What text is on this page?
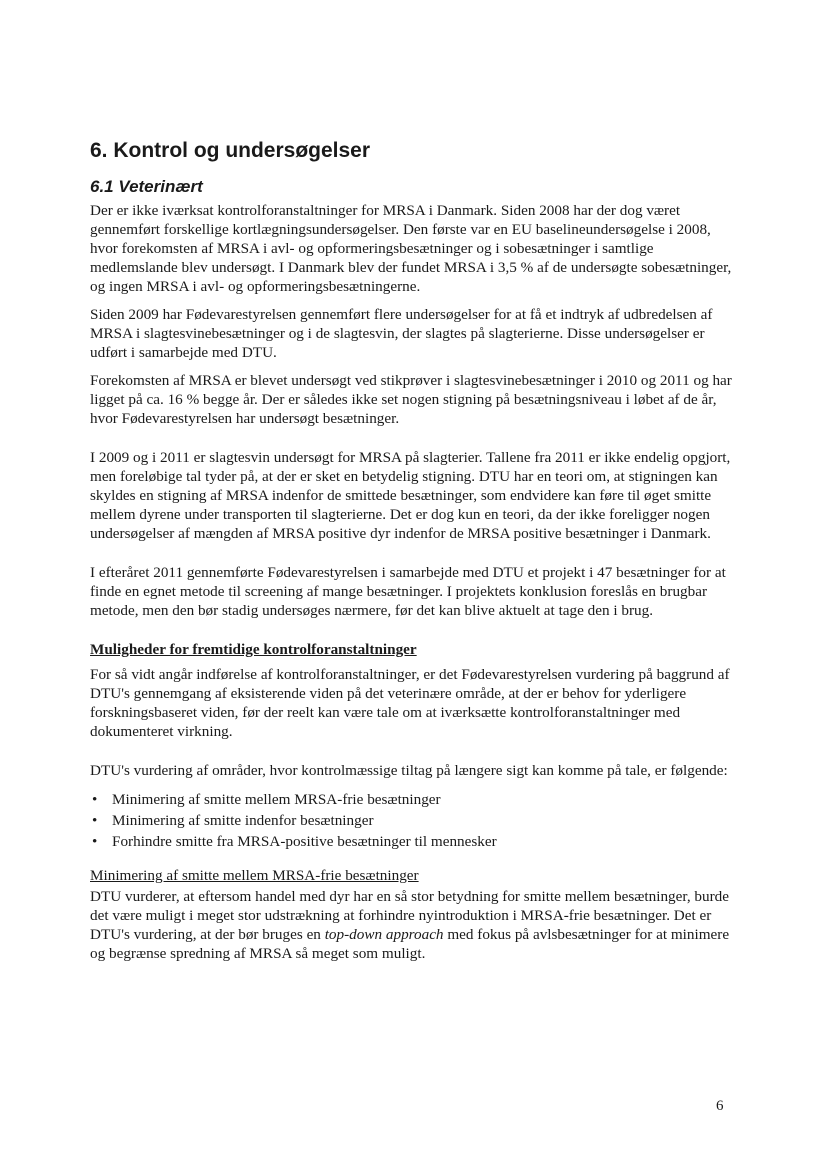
6. Kontrol og undersøgelser
6.1 Veterinært

Der er ikke iværksat kontrolforanstaltninger for MRSA i Danmark. Siden 2008 har der dog været gennemført forskellige kortlægningsundersøgelser. Den første var en EU baselineundersøgelse i 2008, hvor forekomsten af MRSA i avl- og opformeringsbesætninger og i sobesætninger i samtlige medlemslande blev undersøgt. I Danmark blev der fundet MRSA i 3,5 % af de undersøgte sobesætninger, og ingen MRSA i avl- og opformeringsbesætningerne.

Siden 2009 har Fødevarestyrelsen gennemført flere undersøgelser for at få et indtryk af udbredelsen af MRSA i slagtesvinebesætninger og i de slagtesvin, der slagtes på slagterierne. Disse undersøgelser er udført i samarbejde med DTU.

Forekomsten af MRSA er blevet undersøgt ved stikprøver i slagtesvinebesætninger i 2010 og 2011 og har ligget på ca. 16 % begge år. Der er således ikke set nogen stigning på besætningsniveau i løbet af de år, hvor Fødevarestyrelsen har undersøgt besætninger.

I 2009 og i 2011 er slagtesvin undersøgt for MRSA på slagterier. Tallene fra 2011 er ikke endelig opgjort, men foreløbige tal tyder på, at der er sket en betydelig stigning. DTU har en teori om, at stigningen kan skyldes en stigning af MRSA indenfor de smittede besætninger, som endvidere kan føre til øget smitte mellem dyrene under transporten til slagterierne. Det er dog kun en teori, da der ikke foreligger nogen undersøgelser af mængden af MRSA positive dyr indenfor de MRSA positive besætninger i Danmark.

I efteråret 2011 gennemførte Fødevarestyrelsen i samarbejde med DTU et projekt i 47 besætninger for at finde en egnet metode til screening af mange besætninger. I projektets konklusion foreslås en brugbar metode, men den bør stadig undersøges nærmere, før det kan blive aktuelt at tage den i brug.

Muligheder for fremtidige kontrolforanstaltninger

For så vidt angår indførelse af kontrolforanstaltninger, er det Fødevarestyrelsen vurdering på baggrund af DTU's gennemgang af eksisterende viden på det veterinære område, at der er behov for yderligere forskningsbaseret viden, før der reelt kan være tale om at iværksætte kontrolforanstaltninger med dokumenteret virkning.

DTU's vurdering af områder, hvor kontrolmæssige tiltag på længere sigt kan komme på tale, er følgende:

• Minimering af smitte mellem MRSA-frie besætninger
• Minimering af smitte indenfor besætninger
• Forhindre smitte fra MRSA-positive besætninger til mennesker
Minimering af smitte mellem MRSA-frie besætninger

DTU vurderer, at eftersom handel med dyr har en så stor betydning for smitte mellem besætninger, burde det være muligt i meget stor udstrækning at forhindre nyintroduktion i MRSA-frie besætninger. Det er DTU's vurdering, at der bør bruges en top-down approach med fokus på avlsbesætninger for at minimere og begrænse spredning af MRSA så meget som muligt.

6
